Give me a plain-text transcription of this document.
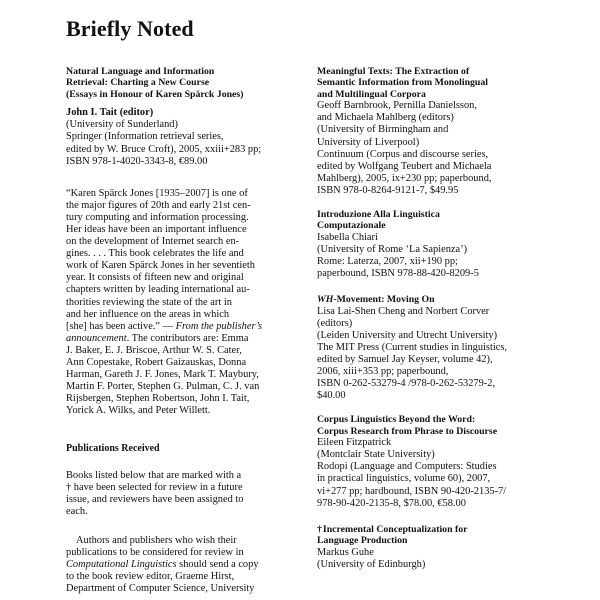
Briefly Noted
Natural Language and Information
Retrieval: Charting a New Course
(Essays in Honour of Karen Spärck Jones)
John I. Tait (editor)
(University of Sunderland)
Springer (Information retrieval series,
edited by W. Bruce Croft), 2005, xxiii+283 pp;
ISBN 978-1-4020-3343-8, €89.00
“Karen Spärck Jones [1935–2007] is one of
the major figures of 20th and early 21st cen-
tury computing and information processing.
Her ideas have been an important influence
on the development of Internet search en-
gines. . . . This book celebrates the life and
work of Karen Spärck Jones in her seventieth
year. It consists of fifteen new and original
chapters written by leading international au-
thorities reviewing the state of the art in
and her influence on the areas in which
[she] has been active.” — From the publisher’s
announcement. The contributors are: Emma
J. Baker, E. J. Briscoe, Arthur W. S. Cater,
Ann Copestake, Robert Gaizauskas, Donna
Harman, Gareth J. F. Jones, Mark T. Maybury,
Martin F. Porter, Stephen G. Pulman, C. J. van
Rijsbergen, Stephen Robertson, John I. Tait,
Yorick A. Wilks, and Peter Willett.
Publications Received
Books listed below that are marked with a
† have been selected for review in a future
issue, and reviewers have been assigned to
each.
Authors and publishers who wish their
publications to be considered for review in
Computational Linguistics should send a copy
to the book review editor, Graeme Hirst,
Department of Computer Science, University
Meaningful Texts: The Extraction of
Semantic Information from Monolingual
and Multilingual Corpora
Geoff Barnbrook, Pernilla Danielsson,
and Michaela Mahlberg (editors)
(University of Birmingham and
University of Liverpool)
Continuum (Corpus and discourse series,
edited by Wolfgang Teubert and Michaela
Mahlberg), 2005, ix+230 pp; paperbound,
ISBN 978-0-8264-9121-7, $49.95
Introduzione Alla Linguistica
Computazionale
Isabella Chiari
(University of Rome ‘La Sapienza’)
Rome: Laterza, 2007, xii+190 pp;
paperbound, ISBN 978-88-420-8209-5
WH-Movement: Moving On
Lisa Lai-Shen Cheng and Norbert Corver
(editors)
(Leiden University and Utrecht University)
The MIT Press (Current studies in linguistics,
edited by Samuel Jay Keyser, volume 42),
2006, xiii+353 pp; paperbound,
ISBN 0-262-53279-4 /978-0-262-53279-2,
$40.00
Corpus Linguistics Beyond the Word:
Corpus Research from Phrase to Discourse
Eileen Fitzpatrick
(Montclair State University)
Rodopi (Language and Computers: Studies
in practical linguistics, volume 60), 2007,
vi+277 pp; hardbound, ISBN 90-420-2135-7/
978-90-420-2135-8, $78.00, €58.00
†Incremental Conceptualization for
Language Production
Markus Guhe
(University of Edinburgh)
